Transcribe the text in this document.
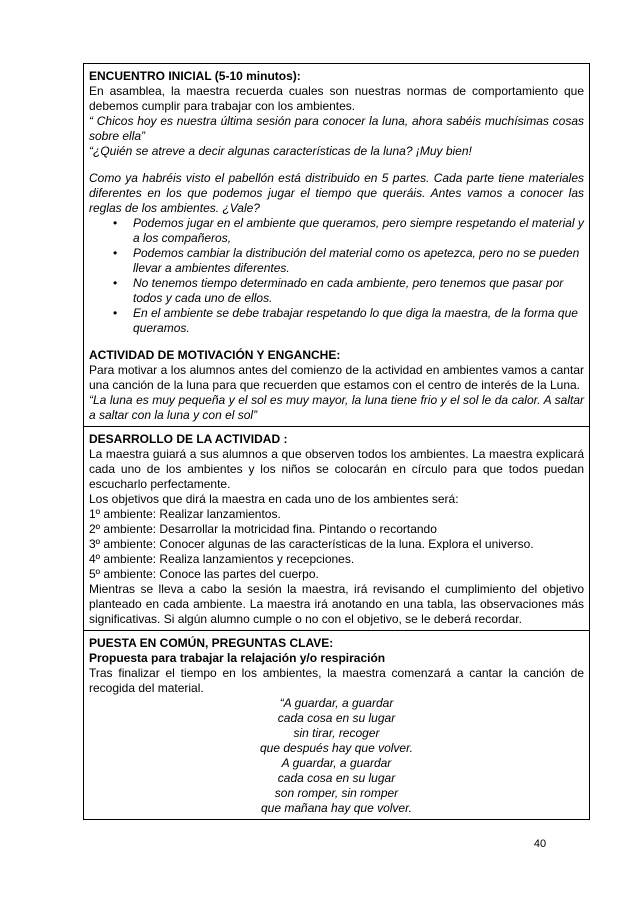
ENCUENTRO INICIAL (5-10 minutos):
En asamblea, la maestra recuerda cuales son nuestras normas de comportamiento que debemos cumplir para trabajar con los ambientes.
“ Chicos hoy es nuestra última sesión para conocer la luna, ahora sabéis muchísimas cosas sobre ella”
“¿Quién se atreve a decir algunas características de la luna? ¡Muy bien!
Como ya habréis visto el pabellón está distribuido en 5 partes. Cada parte tiene materiales diferentes en los que podemos jugar el tiempo que queráis. Antes vamos a conocer las reglas de los ambientes. ¿Vale?
• Podemos jugar en el ambiente que queramos, pero siempre respetando el material y a los compañeros,
• Podemos cambiar la distribución del material como os apetezca, pero no se pueden llevar a ambientes diferentes.
• No tenemos tiempo determinado en cada ambiente, pero tenemos que pasar por todos y cada uno de ellos.
• En el ambiente se debe trabajar respetando lo que diga la maestra, de la forma que queramos.
ACTIVIDAD DE MOTIVACIÓN Y ENGANCHE:
Para motivar a los alumnos antes del comienzo de la actividad en ambientes vamos a cantar una canción de la luna para que recuerden que estamos con el centro de interés de la Luna.
“La luna es muy pequeña y el sol es muy mayor, la luna tiene frio y el sol le da calor. A saltar a saltar con la luna y con el sol”
DESARROLLO DE LA ACTIVIDAD :
La maestra guiará a sus alumnos a que observen todos los ambientes. La maestra explicará cada uno de los ambientes y los niños se colocarán en círculo para que todos puedan escucharlo perfectamente.
Los objetivos que dirá la maestra en cada uno de los ambientes será:
1º ambiente: Realizar lanzamientos.
2º ambiente: Desarrollar la motricidad fina. Pintando o recortando
3º ambiente: Conocer algunas de las características de la luna. Explora el universo.
4º ambiente: Realiza lanzamientos y recepciones.
5º ambiente: Conoce las partes del cuerpo.
Mientras se lleva a cabo la sesión la maestra, irá revisando el cumplimiento del objetivo planteado en cada ambiente. La maestra irá anotando en una tabla, las observaciones más significativas. Si algún alumno cumple o no con el objetivo, se le deberá recordar.
PUESTA EN COMÚN, PREGUNTAS CLAVE:
Propuesta para trabajar la relajación y/o respiración
Tras finalizar el tiempo en los ambientes, la maestra comenzará a cantar la canción de recogida del material.
“A guardar, a guardar
cada cosa en su lugar
sin tirar, recoger
que después hay que volver.
A guardar, a guardar
cada cosa en su lugar
son romper, sin romper
que mañana hay que volver.
40
